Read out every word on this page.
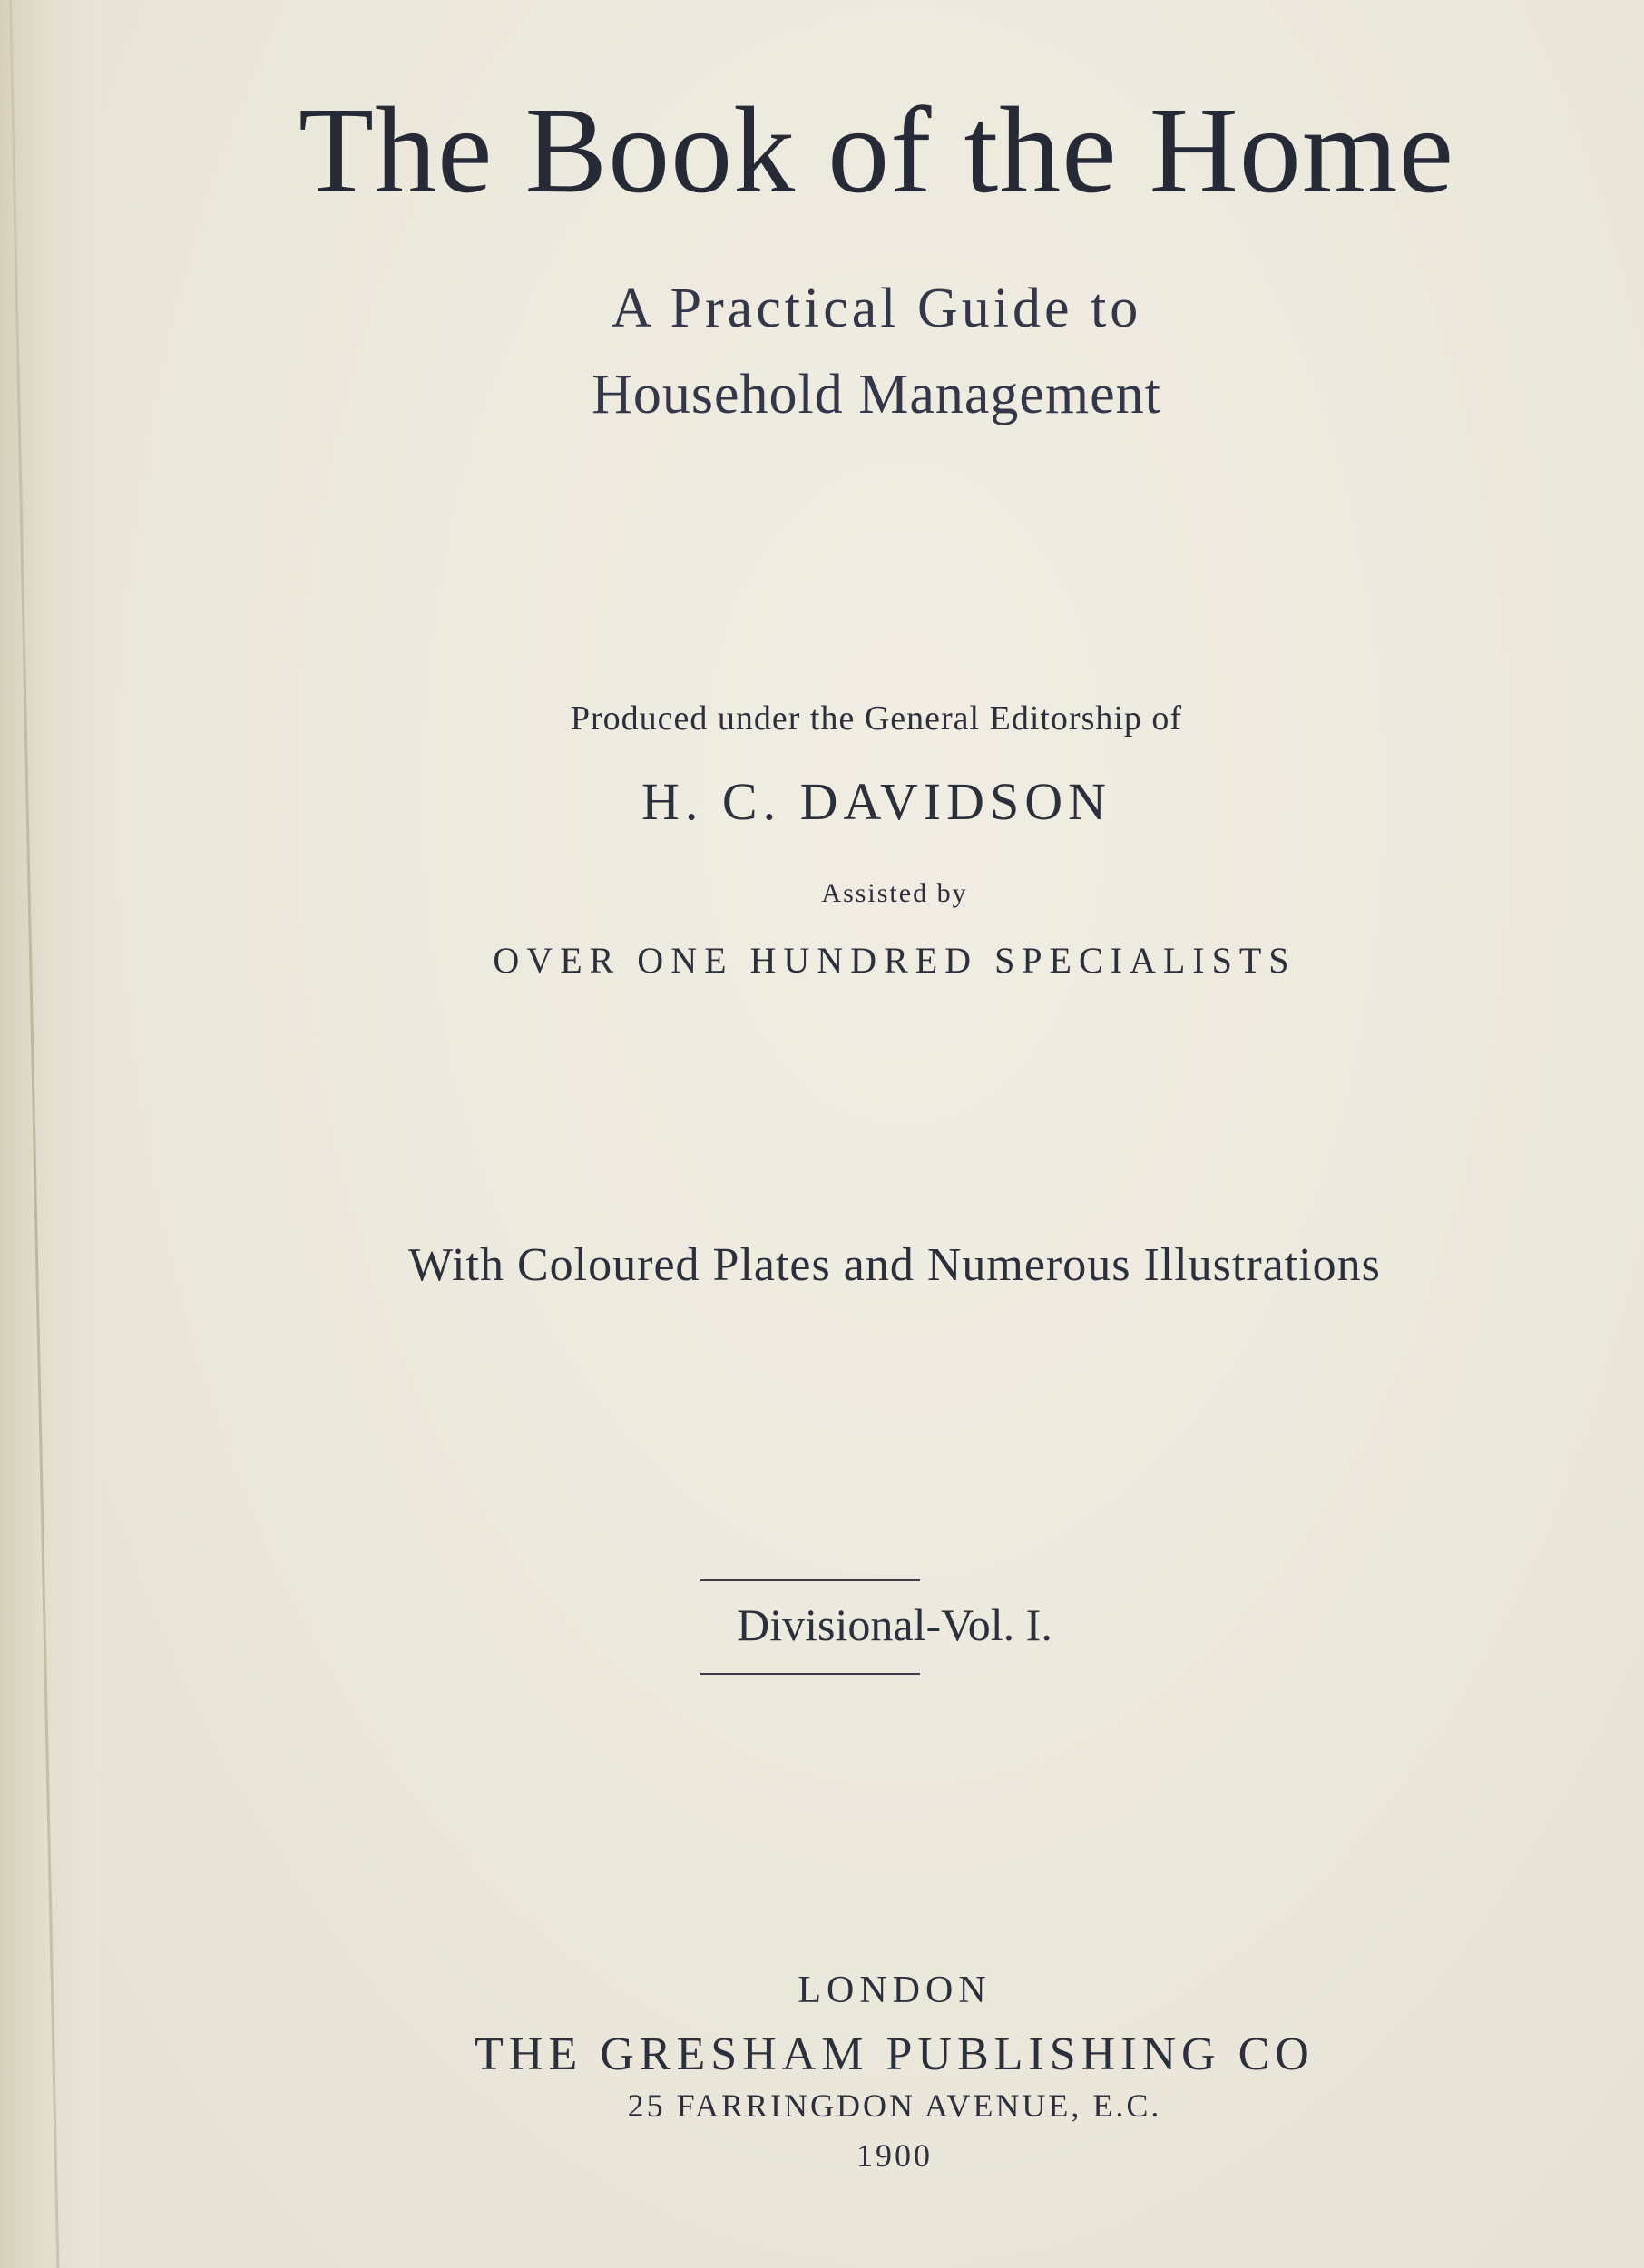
The Book of the Home
A Practical Guide to
Household Management
Produced under the General Editorship of
H. C. DAVIDSON
Assisted by
OVER ONE HUNDRED SPECIALISTS
With Coloured Plates and Numerous Illustrations
Divisional-Vol. I.
LONDON
THE GRESHAM PUBLISHING CO
25 FARRINGDON AVENUE, E.C.
1900
